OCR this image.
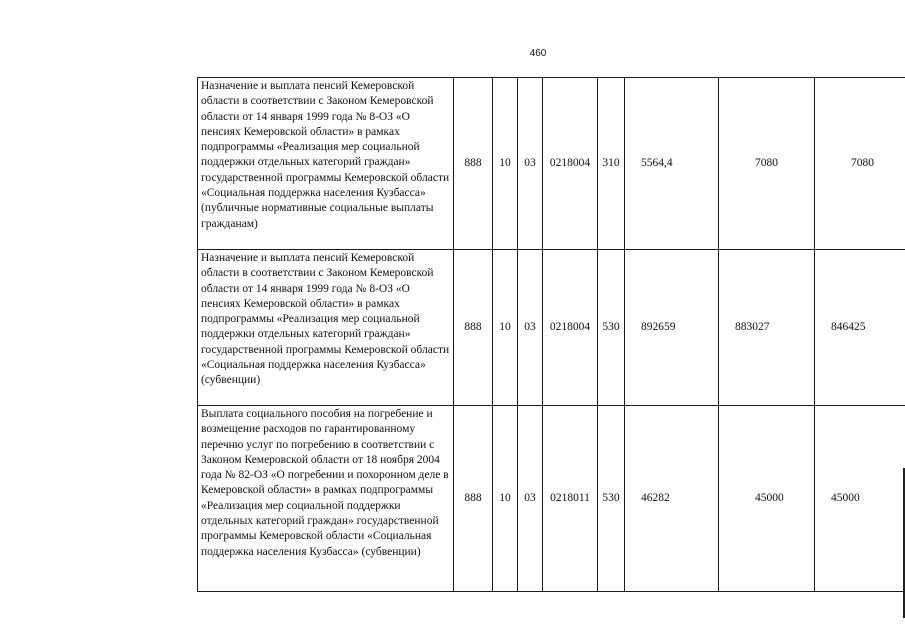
460
Назначение и выплата пенсий Кемеровской области в соответствии с Законом Кемеровской области от 14 января 1999 года № 8-ОЗ «О пенсиях Кемеровской области» в рамках подпрограммы «Реализация мер социальной поддержки отдельных категорий граждан» государственной программы Кемеровской области «Социальная поддержка населения Кузбасса» (публичные нормативные социальные выплаты гражданам)	888	10	03	0218004	310	5564,4	7080	7080
Назначение и выплата пенсий Кемеровской области в соответствии с Законом Кемеровской области от 14 января 1999 года № 8-ОЗ «О пенсиях Кемеровской области» в рамках подпрограммы «Реализация мер социальной поддержки отдельных категорий граждан» государственной программы Кемеровской области «Социальная поддержка населения Кузбасса» (субвенции)	888	10	03	0218004	530	892659	883027	846425
Выплата социального пособия на погребение и возмещение расходов по гарантированному перечню услуг по погребению в соответствии с Законом Кемеровской области от 18 ноября 2004 года № 82-ОЗ «О погребении и похоронном деле в Кемеровской области» в рамках подпрограммы «Реализация мер социальной поддержки отдельных категорий граждан» государственной программы Кемеровской области «Социальная поддержка населения Кузбасса» (субвенции)	888	10	03	0218011	530	46282	45000	45000
